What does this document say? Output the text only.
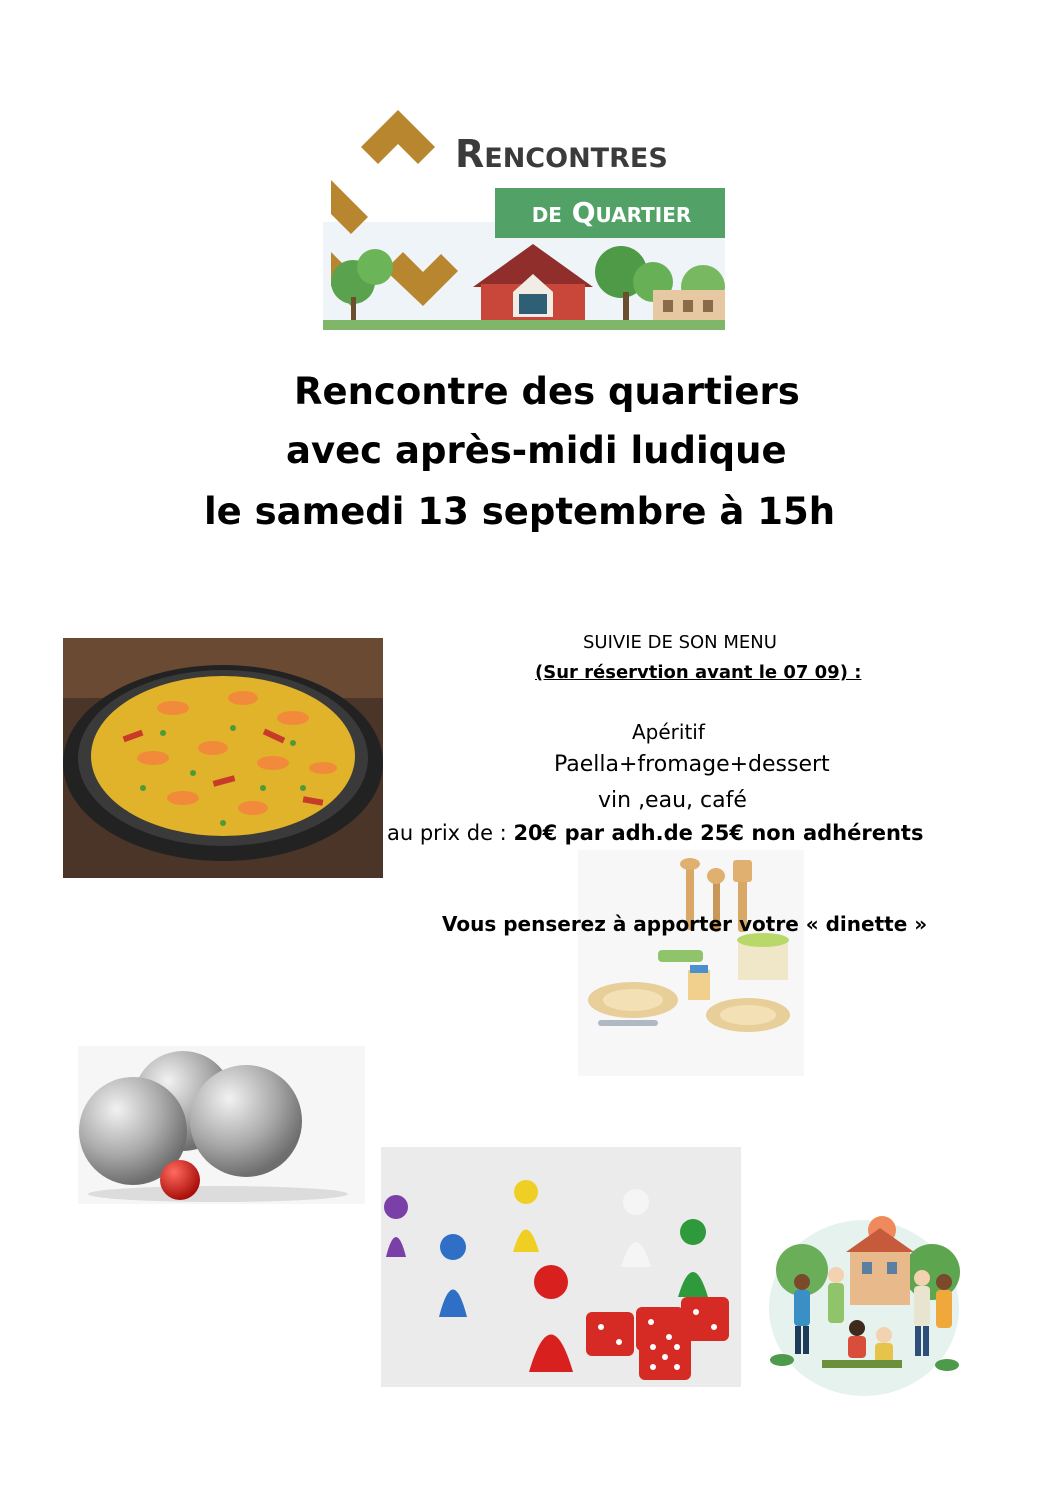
Rencontres
de Quartier
Rencontre des quartiers
avec après-midi ludique
le samedi 13 septembre à 15h
SUIVIE DE SON MENU
(Sur réservtion avant le 07 09) :
Apéritif
Paella+fromage+dessert
vin ,eau, café
au prix de : 20€ par adh.de 25€ non adhérents
Vous penserez à apporter votre « dinette »
